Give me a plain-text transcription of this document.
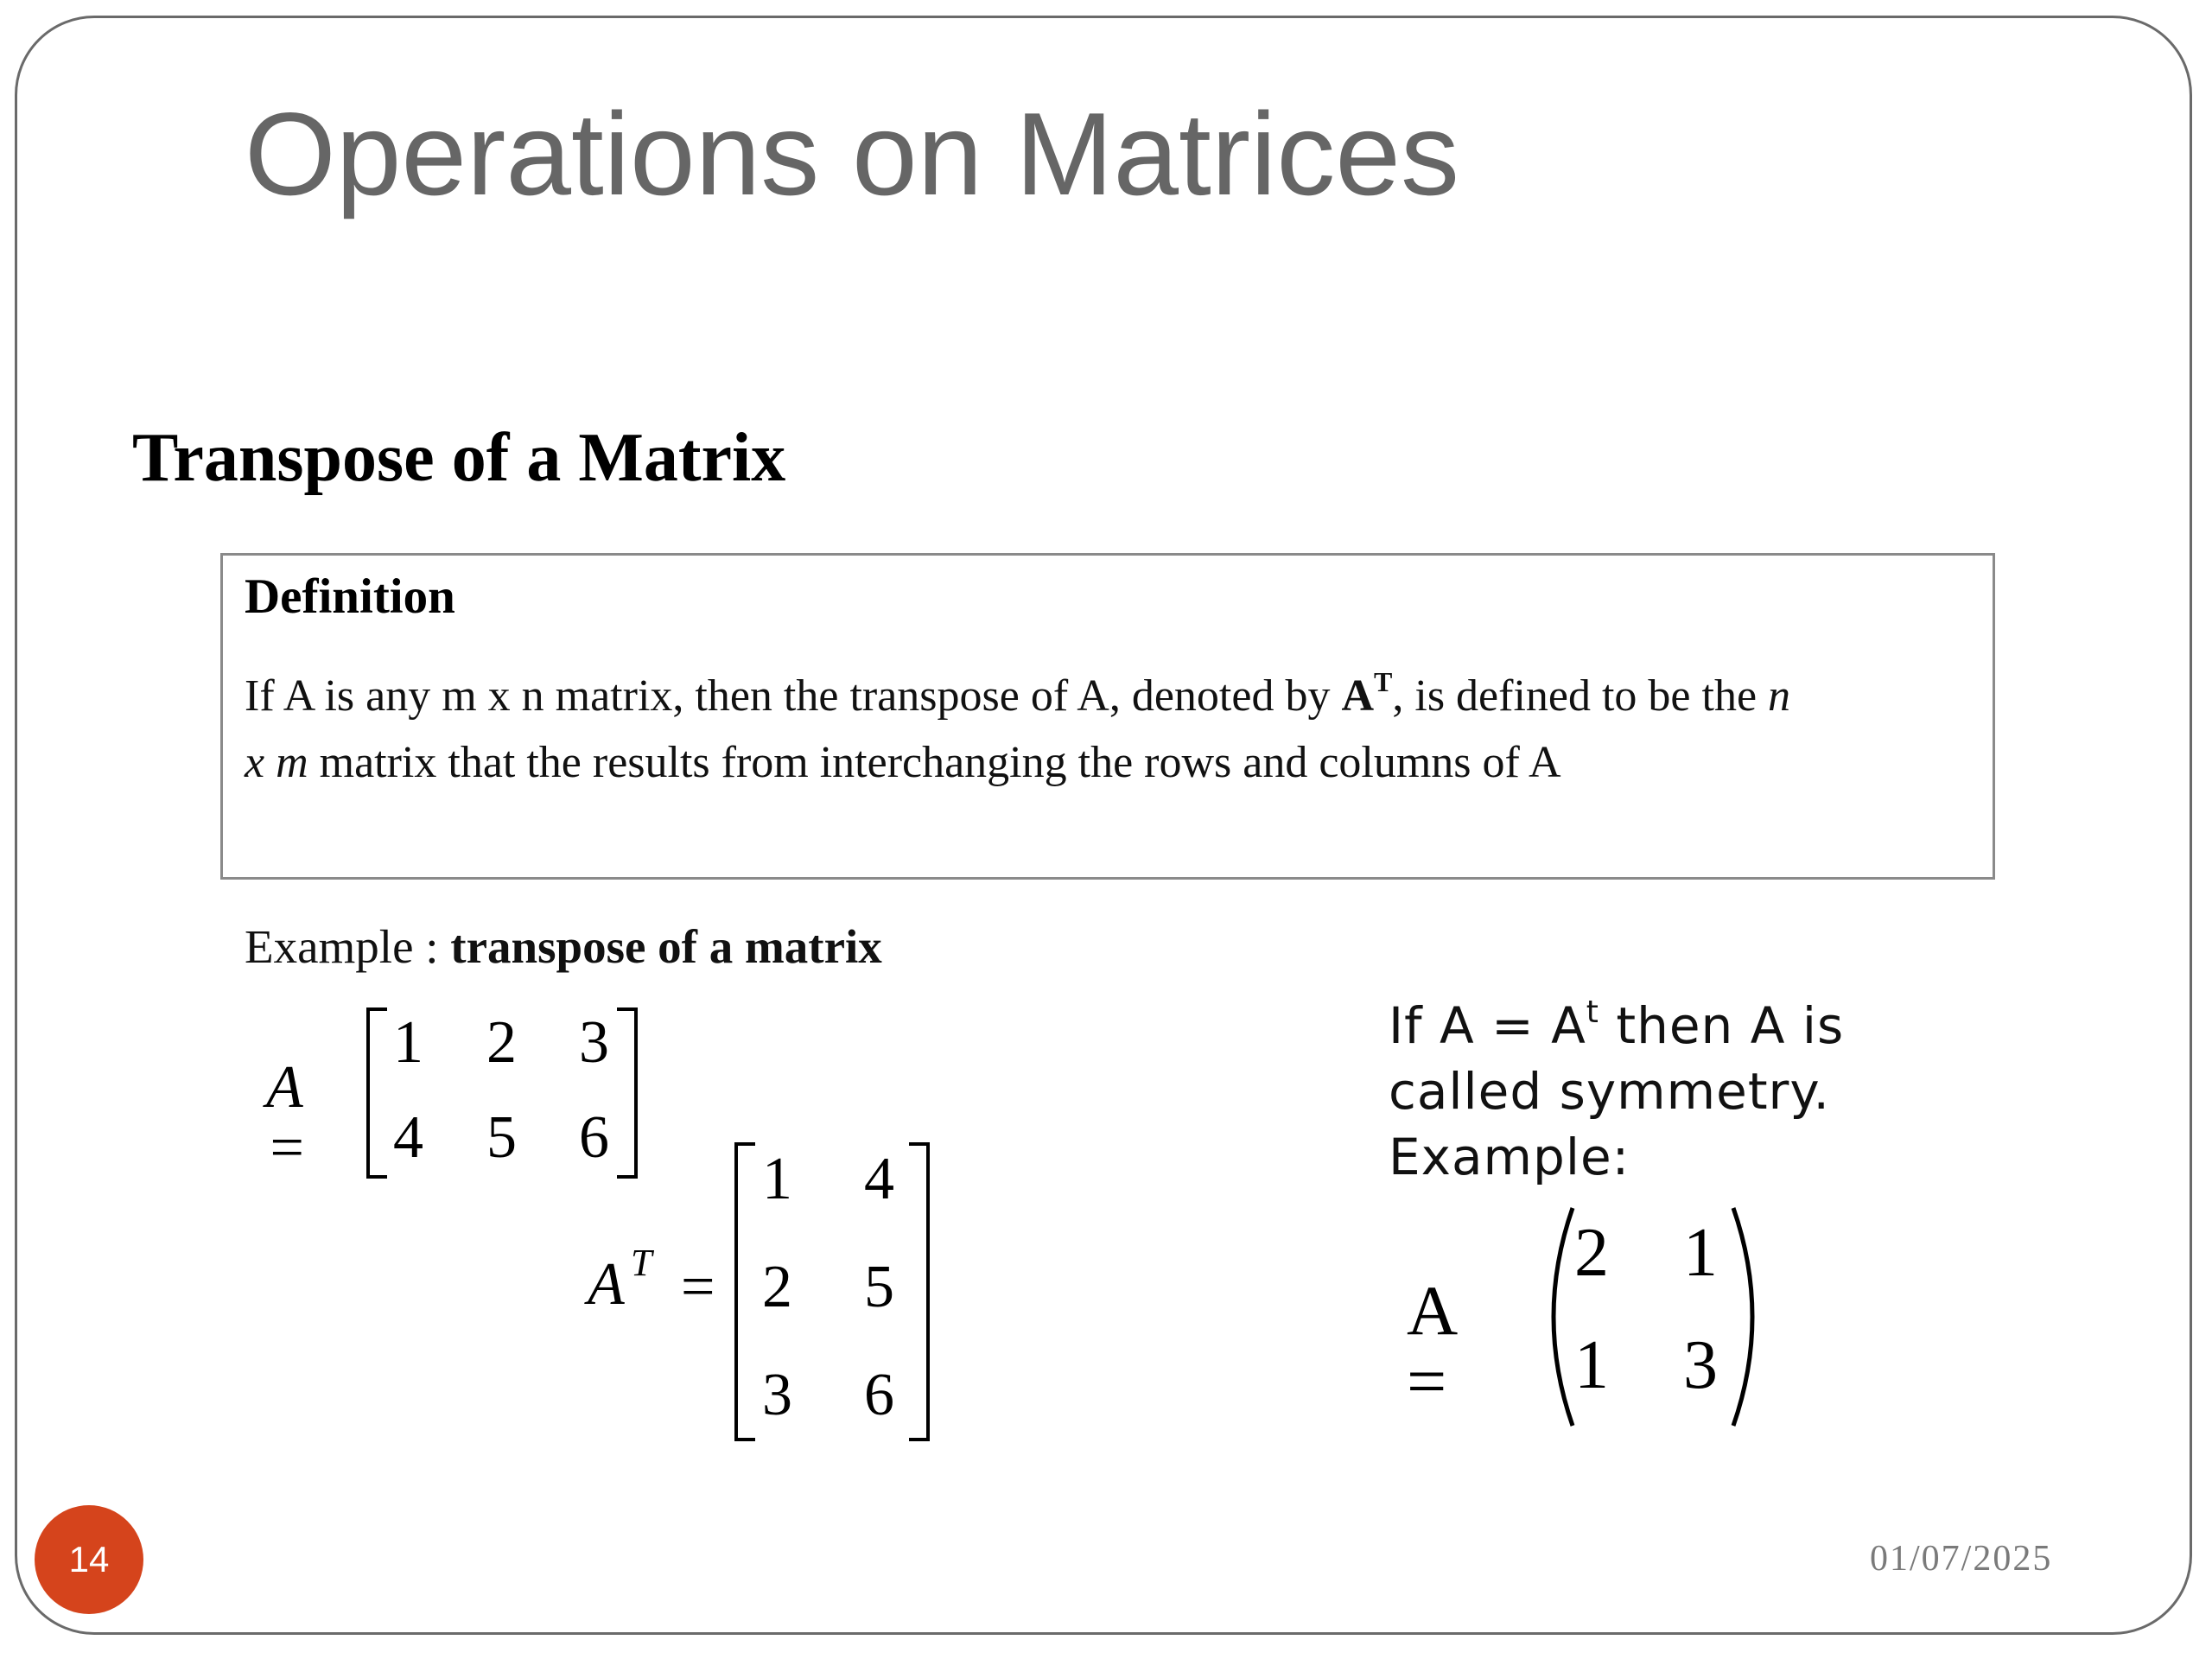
Operations on Matrices
Transpose of a Matrix
Definition
If A is any m x n matrix, then the transpose of A, denoted by $A^T$, is defined to be the n
x m matrix that the results from interchanging the rows and columns of A
Example : transpose of a matrix
A =
1 2 3
4 5 6
A T =
1 4
2 5
3 6
If $A = A^t$ then A is
called symmetry.
Example:
A =
2 1
1 3
14	01/07/2025
